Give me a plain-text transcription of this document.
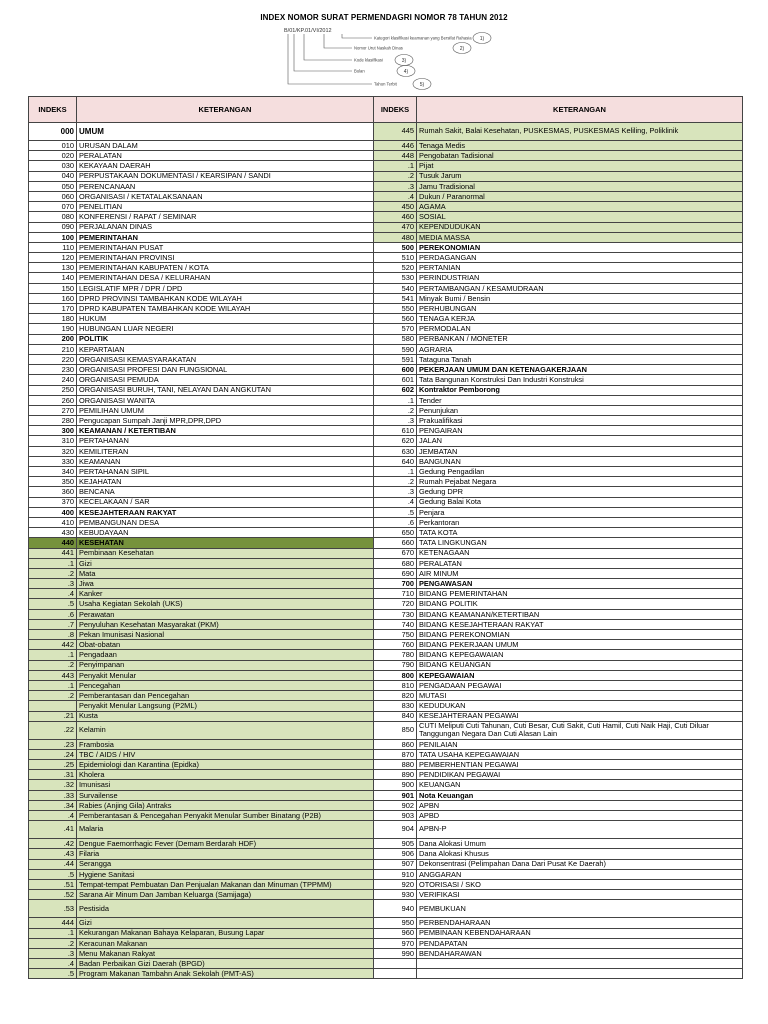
INDEX NOMOR SURAT PERMENDAGRI NOMOR 78 TAHUN 2012
B/01/KP.01/VI/2012
Kategori klasifikasi keamanan yang Bersifat Rahasia 1)
Nomor Urut Naskah Dinas	2)
Kode klasifikasi	3)
Bulan	4)
Tahun Terbit	5)
INDEKS	KETERANGAN	INDEKS	KETERANGAN
000	UMUM	445	Rumah Sakit, Balai Kesehatan, PUSKESMAS, PUSKESMAS Keliling, Poliklinik
010	URUSAN DALAM	446	Tenaga Medis
020	PERALATAN	448	Pengobatan Tadisional
030	KEKAYAAN DAERAH	.1	Pijat
040	PERPUSTAKAAN DOKUMENTASI / KEARSIPAN / SANDI	.2	Tusuk Jarum
050	PERENCANAAN	.3	Jamu Tradisional
060	ORGANISASI / KETATALAKSANAAN	.4	Dukun / Paranormal
070	PENELITIAN	450	AGAMA
080	KONFERENSI / RAPAT / SEMINAR	460	SOSIAL
090	PERJALANAN DINAS	470	KEPENDUDUKAN
100	PEMERINTAHAN	480	MEDIA MASSA
110	PEMERINTAHAN PUSAT	500	PEREKONOMIAN
120	PEMERINTAHAN PROVINSI	510	PERDAGANGAN
130	PEMERINTAHAN KABUPATEN / KOTA	520	PERTANIAN
140	PEMERINTAHAN DESA / KELURAHAN	530	PERINDUSTRIAN
150	LEGISLATIF MPR / DPR / DPD	540	PERTAMBANGAN / KESAMUDRAAN
160	DPRD PROVINSI TAMBAHKAN KODE WILAYAH	541	Minyak Bumi / Bensin
170	DPRD KABUPATEN TAMBAHKAN KODE WILAYAH	550	PERHUBUNGAN
180	HUKUM	560	TENAGA KERJA
190	HUBUNGAN LUAR NEGERI	570	PERMODALAN
200	POLITIK	580	PERBANKAN / MONETER
210	KEPARTAIAN	590	AGRARIA
220	ORGANISASI KEMASYARAKATAN	591	Tataguna Tanah
230	ORGANISASI PROFESI DAN FUNGSIONAL	600	PEKERJAAN UMUM DAN KETENAGAKERJAAN
240	ORGANISASI PEMUDA	601	Tata Bangunan Konstruksi Dan Industri Konstruksi
250	ORGANISASI BURUH, TANI, NELAYAN DAN ANGKUTAN	602	Kontraktor Pemborong
260	ORGANISASI WANITA	.1	Tender
270	PEMILIHAN UMUM	.2	Penunjukan
280	Pengucapan Sumpah Janji MPR,DPR,DPD	.3	Prakualifikasi
300	KEAMANAN / KETERTIBAN	610	PENGAIRAN
310	PERTAHANAN	620	JALAN
320	KEMILITERAN	630	JEMBATAN
330	KEAMANAN	640	BANGUNAN
340	PERTAHANAN SIPIL	.1	Gedung Pengadilan
350	KEJAHATAN	.2	Rumah Pejabat Negara
360	BENCANA	.3	Gedung DPR
370	KECELAKAAN / SAR	.4	Gedung Balai Kota
400	KESEJAHTERAAN RAKYAT	.5	Penjara
410	PEMBANGUNAN DESA	.6	Perkantoran
430	KEBUDAYAAN	650	TATA KOTA
440	KESEHATAN	660	TATA LINGKUNGAN
441	Pembinaan Kesehatan	670	KETENAGAAN
.1	Gizi	680	PERALATAN
.2	Mata	690	AIR MINUM
.3	Jiwa	700	PENGAWASAN
.4	Kanker	710	BIDANG PEMERINTAHAN
.5	Usaha Kegiatan Sekolah (UKS)	720	BIDANG POLITIK
.6	Perawatan	730	BIDANG KEAMANAN/KETERTIBAN
.7	Penyuluhan Kesehatan Masyarakat (PKM)	740	BIDANG KESEJAHTERAAN RAKYAT
.8	Pekan Imunisasi Nasional	750	BIDANG PEREKONOMIAN
442	Obat-obatan	760	BIDANG PEKERJAAN UMUM
.1	Pengadaan	780	BIDANG KEPEGAWAIAN
.2	Penyimpanan	790	BIDANG KEUANGAN
443	Penyakit Menular	800	KEPEGAWAIAN
.1	Pencegahan	810	PENGADAAN PEGAWAI
.2	Pemberantasan dan Pencegahan	820	MUTASI
	Penyakit Menular Langsung (P2ML)	830	KEDUDUKAN
.21	Kusta	840	KESEJAHTERAAN PEGAWAI
.22	Kelamin	850	CUTI Meliputi Cuti Tahunan, Cuti Besar, Cuti Sakit, Cuti Hamil, Cuti Naik Haji, Cuti Diluar Tanggungan Negara Dan Cuti Alasan Lain
.23	Frambosia	860	PENILAIAN
.24	TBC / AIDS / HIV	870	TATA USAHA KEPEGAWAIAN
.25	Epidemiologi dan Karantina (Epidka)	880	PEMBERHENTIAN PEGAWAI
.31	Kholera	890	PENDIDIKAN PEGAWAI
.32	Imunisasi	900	KEUANGAN
.33	Survailense	901	Nota Keuangan
.34	Rabies (Anjing Gila) Antraks	902	APBN
.4	Pemberantasan & Pencegahan Penyakit Menular Sumber Binatang (P2B)	903	APBD
.41	Malaria	904	APBN-P
.42	Dengue Faemorrhagic Fever (Demam Berdarah HDF)	905	Dana Alokasi Umum
.43	Filaria	906	Dana Alokasi Khusus
.44	Serangga	907	Dekonsentrasi (Pelimpahan Dana Dari Pusat Ke Daerah)
.5	Hygiene Sanitasi	910	ANGGARAN
.51	Tempat-tempat Pembuatan Dan Penjualan Makanan dan Minuman (TPPMM)	920	OTORISASI / SKO
.52	Sarana Air Minum Dan Jamban Keluarga (Samijaga)	930	VERIFIKASI
.53	Pestisida	940	PEMBUKUAN
444	Gizi	950	PERBENDAHARAAN
.1	Kekurangan Makanan Bahaya Kelaparan, Busung Lapar	960	PEMBINAAN KEBENDAHARAAN
.2	Keracunan Makanan	970	PENDAPATAN
.3	Menu Makanan Rakyat	990	BENDAHARAWAN
.4	Badan Perbaikan Gizi Daerah (BPGD)		
.5	Program Makanan Tambahn Anak Sekolah (PMT-AS)		
